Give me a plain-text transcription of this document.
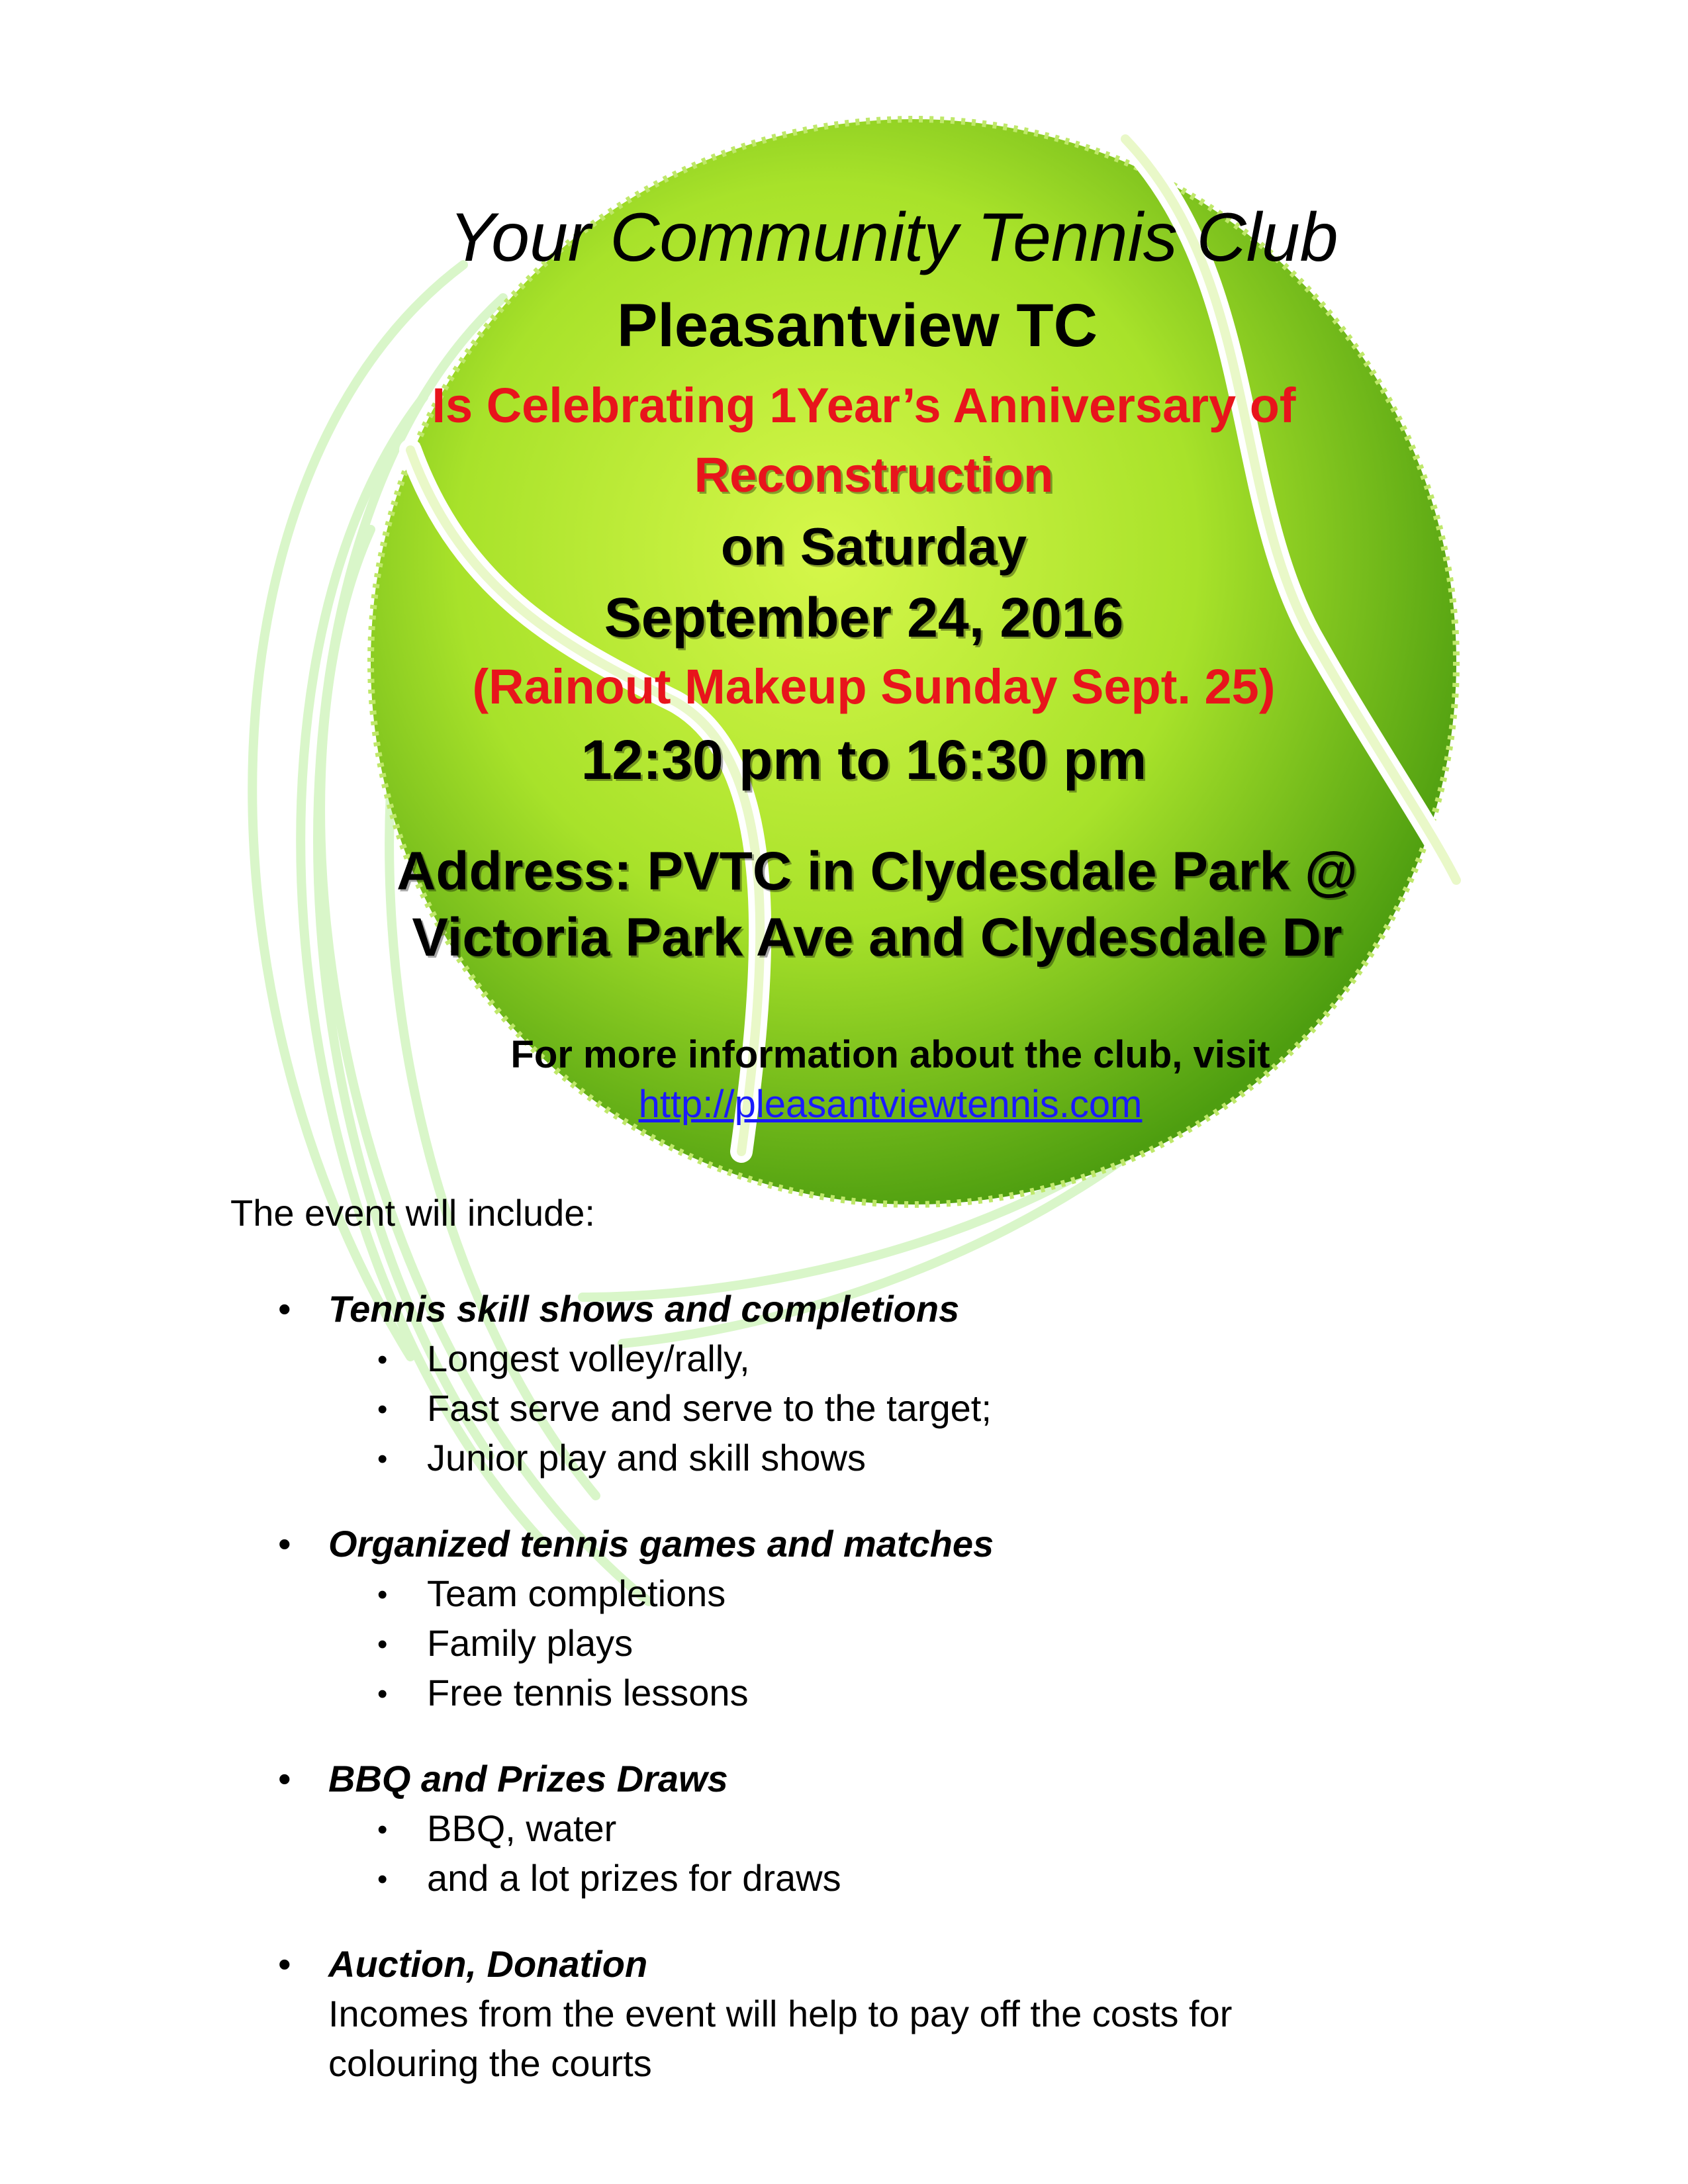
Your Community Tennis Club
Pleasantview TC
Is Celebrating 1Year’s Anniversary of
Reconstruction
on Saturday
September 24, 2016
(Rainout Makeup Sunday Sept. 25)
12:30 pm to 16:30 pm
Address: PVTC in Clydesdale Park @
Victoria Park Ave and Clydesdale Dr
For more information about the club, visit
http://pleasantviewtennis.com
The event will include:
• Tennis skill shows and completions
• Longest volley/rally,
• Fast serve and serve to the target;
• Junior play and skill shows
• Organized tennis games and matches
• Team completions
• Family plays
• Free tennis lessons
• BBQ and Prizes Draws
• BBQ, water
• and a lot prizes for draws
• Auction, Donation
Incomes from the event will help to pay off the costs for
colouring the courts
